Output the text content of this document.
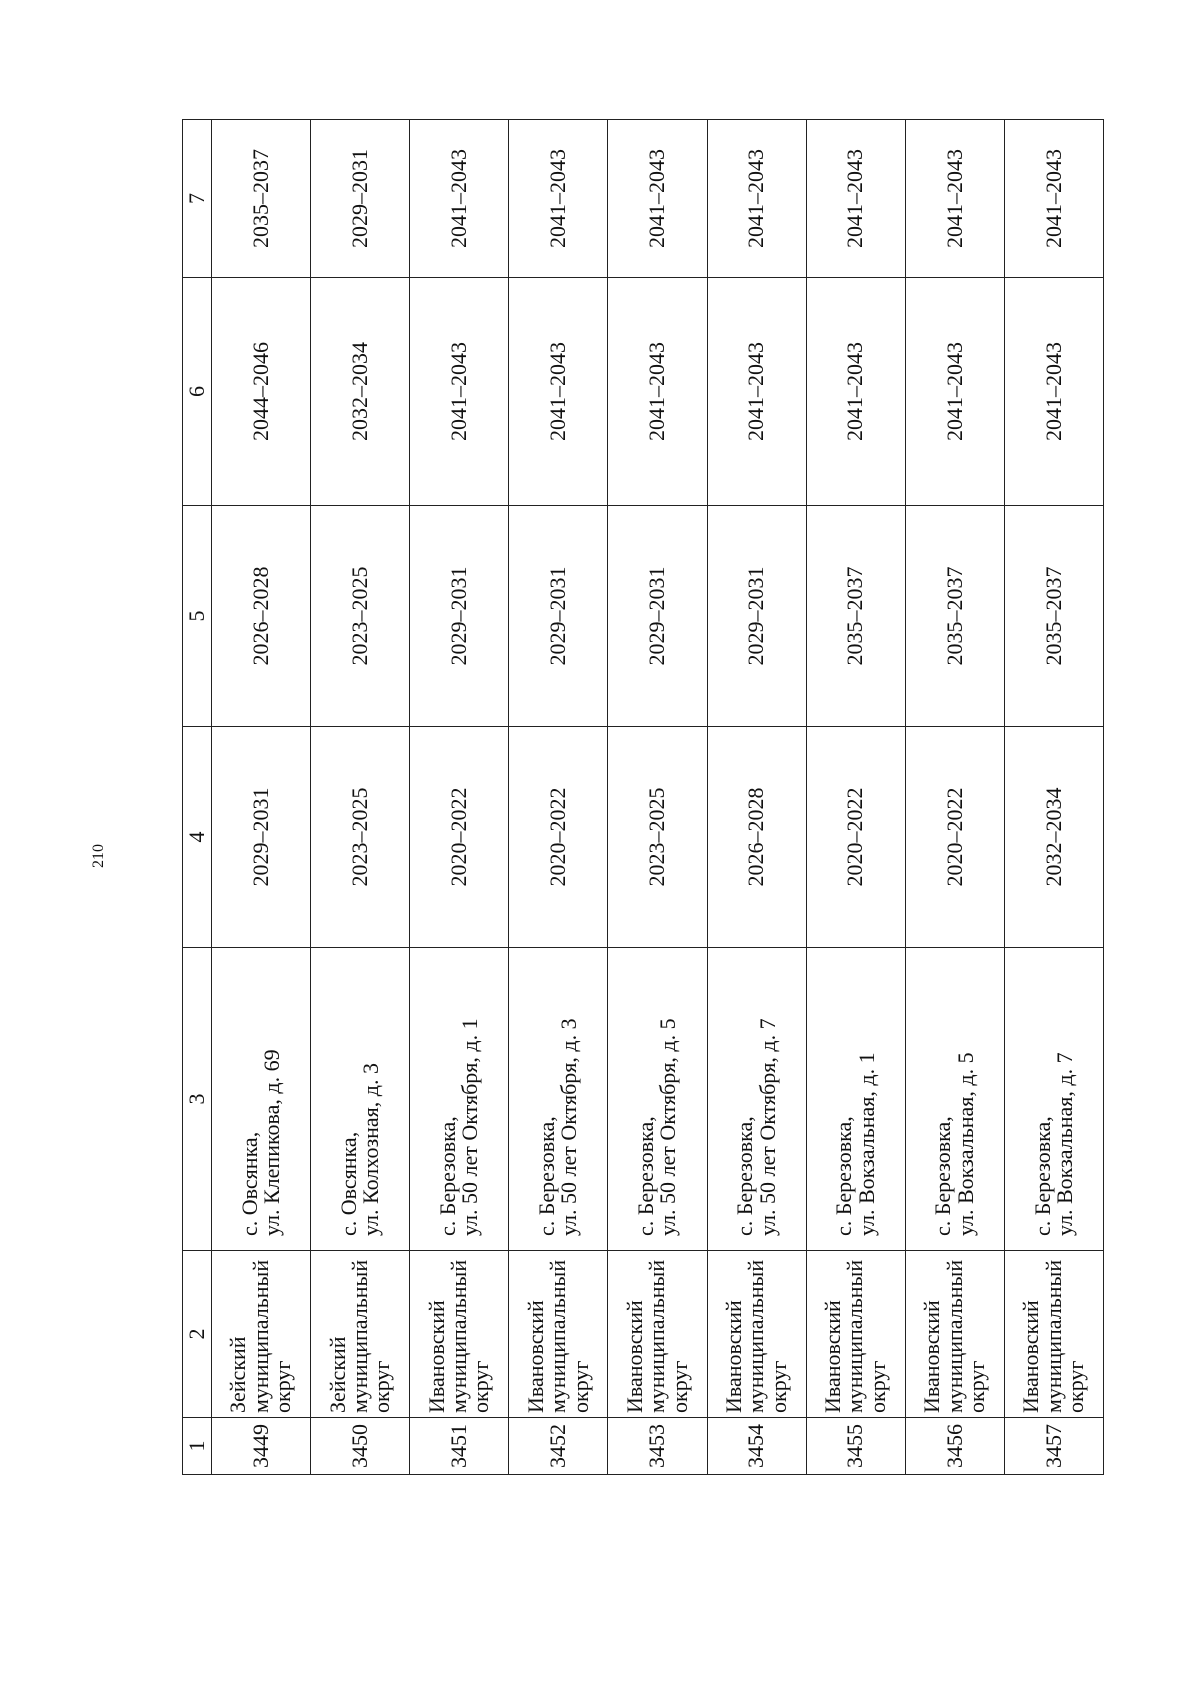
210
1	2	3	4	5	6	7
3449	Зейский
муниципальный
округ	с. Овсянка,
ул. Клепикова, д. 69	2029–2031	2026–2028	2044–2046	2035–2037
3450	Зейский
муниципальный
округ	с. Овсянка,
ул. Колхозная, д. 3	2023–2025	2023–2025	2032–2034	2029–2031
3451	Ивановский
муниципальный
округ	с. Березовка,
ул. 50 лет Октября, д. 1	2020–2022	2029–2031	2041–2043	2041–2043
3452	Ивановский
муниципальный
округ	с. Березовка,
ул. 50 лет Октября, д. 3	2020–2022	2029–2031	2041–2043	2041–2043
3453	Ивановский
муниципальный
округ	с. Березовка,
ул. 50 лет Октября, д. 5	2023–2025	2029–2031	2041–2043	2041–2043
3454	Ивановский
муниципальный
округ	с. Березовка,
ул. 50 лет Октября, д. 7	2026–2028	2029–2031	2041–2043	2041–2043
3455	Ивановский
муниципальный
округ	с. Березовка,
ул. Вокзальная, д. 1	2020–2022	2035–2037	2041–2043	2041–2043
3456	Ивановский
муниципальный
округ	с. Березовка,
ул. Вокзальная, д. 5	2020–2022	2035–2037	2041–2043	2041–2043
3457	Ивановский
муниципальный
округ	с. Березовка,
ул. Вокзальная, д. 7	2032–2034	2035–2037	2041–2043	2041–2043
